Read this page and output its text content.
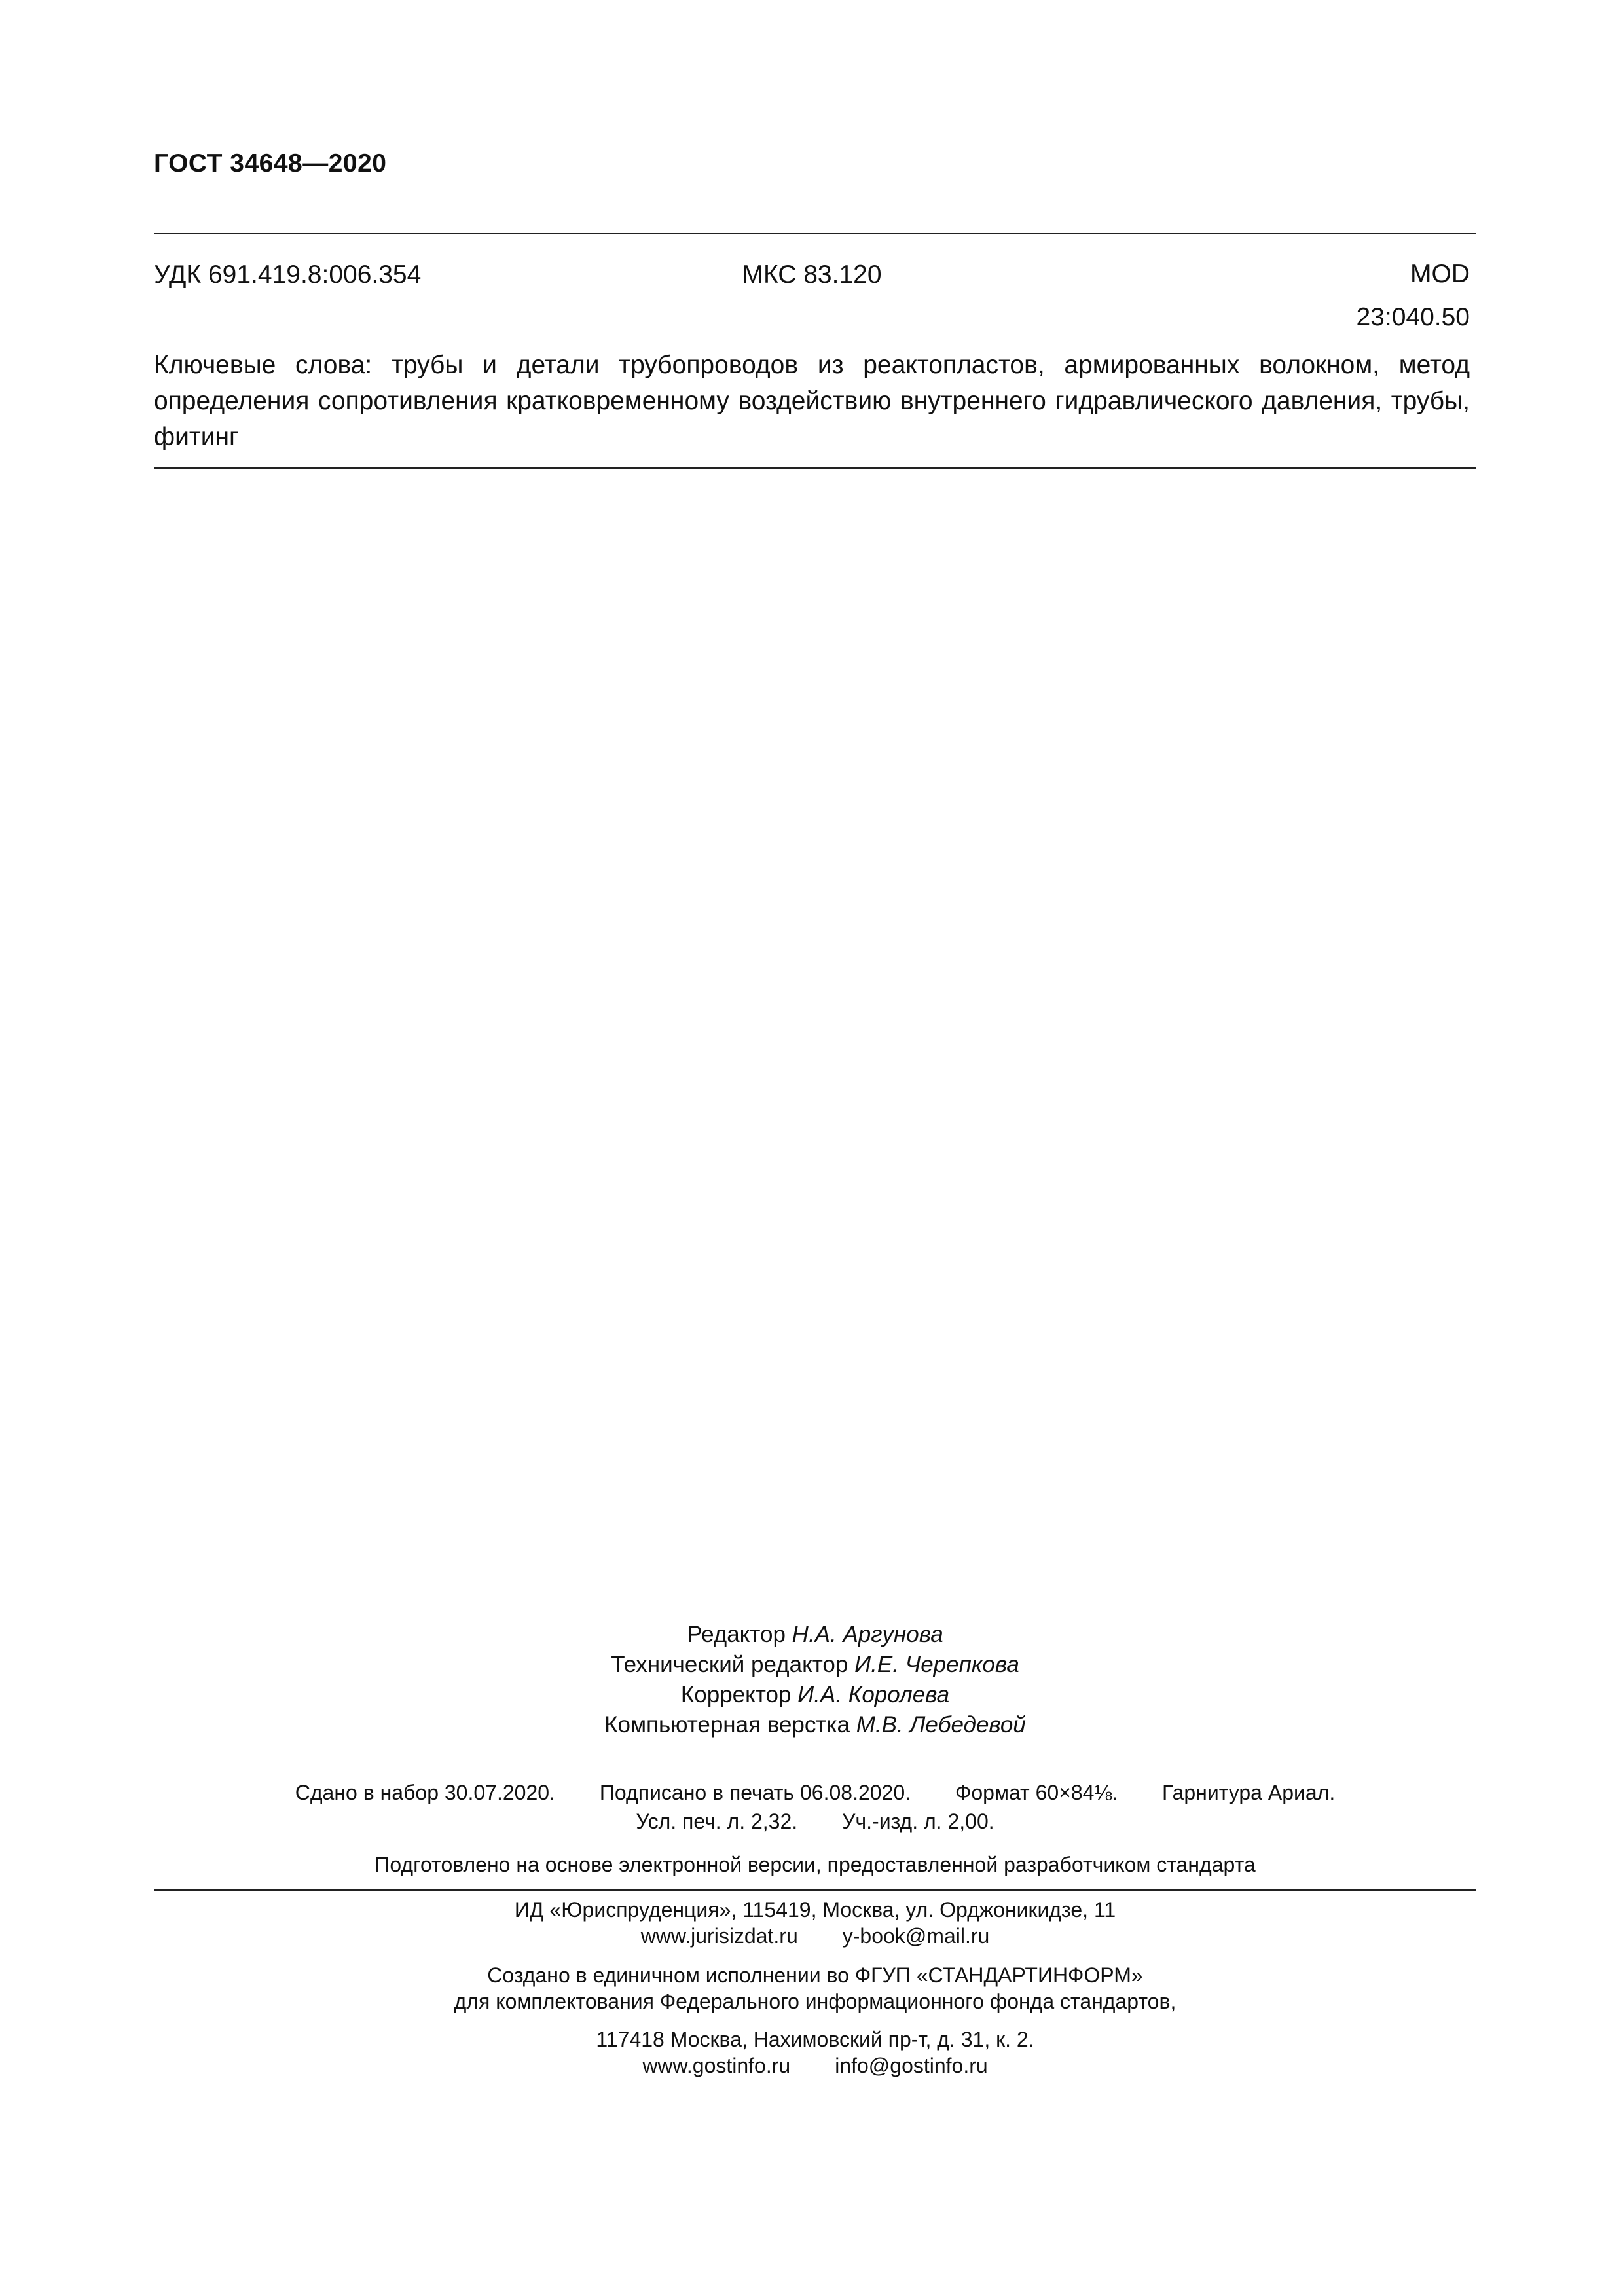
ГОСТ 34648—2020
УДК 691.419.8:006.354	МКС 83.120	MOD
23:040.50
Ключевые слова: трубы и детали трубопроводов из реактопластов, армированных волокном, метод определения сопротивления кратковременному воздействию внутреннего гидравлического давления, трубы, фитинг
Редактор Н.А. Аргунова
Технический редактор И.Е. Черепкова
Корректор И.А. Королева
Компьютерная верстка М.В. Лебедевой
Сдано в набор 30.07.2020. Подписано в печать 06.08.2020. Формат 60×84⅛. Гарнитура Ариал.
Усл. печ. л. 2,32. Уч.-изд. л. 2,00.
Подготовлено на основе электронной версии, предоставленной разработчиком стандарта
ИД «Юриспруденция», 115419, Москва, ул. Орджоникидзе, 11
www.jurisizdat.ru y-book@mail.ru
Создано в единичном исполнении во ФГУП «СТАНДАРТИНФОРМ»
для комплектования Федерального информационного фонда стандартов,
117418 Москва, Нахимовский пр-т, д. 31, к. 2.
www.gostinfo.ru info@gostinfo.ru
